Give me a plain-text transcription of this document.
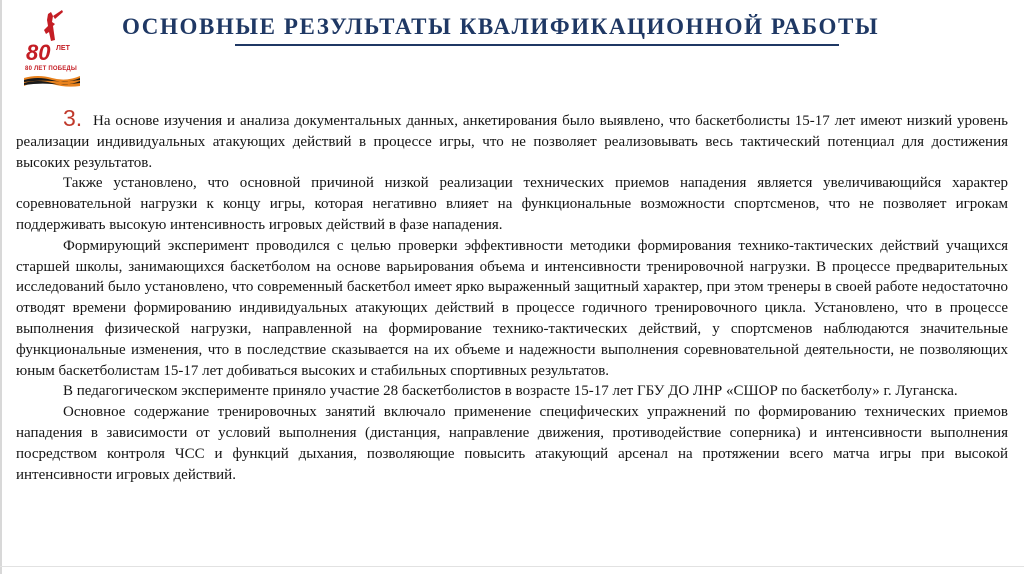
80 ЛЕТ
80 ЛЕТ ПОБЕДЫ
ОСНОВНЫЕ РЕЗУЛЬТАТЫ КВАЛИФИКАЦИОННОЙ РАБОТЫ

3. На основе изучения и анализа документальных данных, анкетирования было выявлено, что баскетболисты 15-17 лет имеют низкий уровень реализации индивидуальных атакующих действий в процессе игры, что не позволяет реализовывать весь тактический потенциал для достижения высоких результатов.

Также установлено, что основной причиной низкой реализации технических приемов нападения является увеличивающийся характер соревновательной нагрузки к концу игры, которая негативно влияет на функциональные возможности спортсменов, что не позволяет игрокам поддерживать высокую интенсивность игровых действий в фазе нападения.

Формирующий эксперимент проводился с целью проверки эффективности методики формирования технико-тактических действий учащихся старшей школы, занимающихся баскетболом на основе варьирования объема и интенсивности тренировочной нагрузки. В процессе предварительных исследований было установлено, что современный баскетбол имеет ярко выраженный защитный характер, при этом тренеры в своей работе недостаточно отводят времени формированию индивидуальных атакующих действий в процессе годичного тренировочного цикла. Установлено, что в процессе выполнения физической нагрузки, направленной на формирование технико-тактических действий, у спортсменов наблюдаются значительные функциональные изменения, что в последствие сказывается на их объеме и надежности выполнения соревновательной деятельности, не позволяющих юным баскетболистам 15-17 лет добиваться высоких и стабильных спортивных результатов.

В педагогическом эксперименте приняло участие 28 баскетболистов в возрасте 15-17 лет ГБУ ДО ЛНР «СШОР по баскетболу» г. Луганска.

Основное содержание тренировочных занятий включало применение специфических упражнений по формированию технических приемов нападения в зависимости от условий выполнения (дистанция, направление движения, противодействие соперника) и интенсивности выполнения посредством контроля ЧСС и функций дыхания, позволяющие повысить атакующий арсенал на протяжении всего матча игры при высокой интенсивности игровых действий.
